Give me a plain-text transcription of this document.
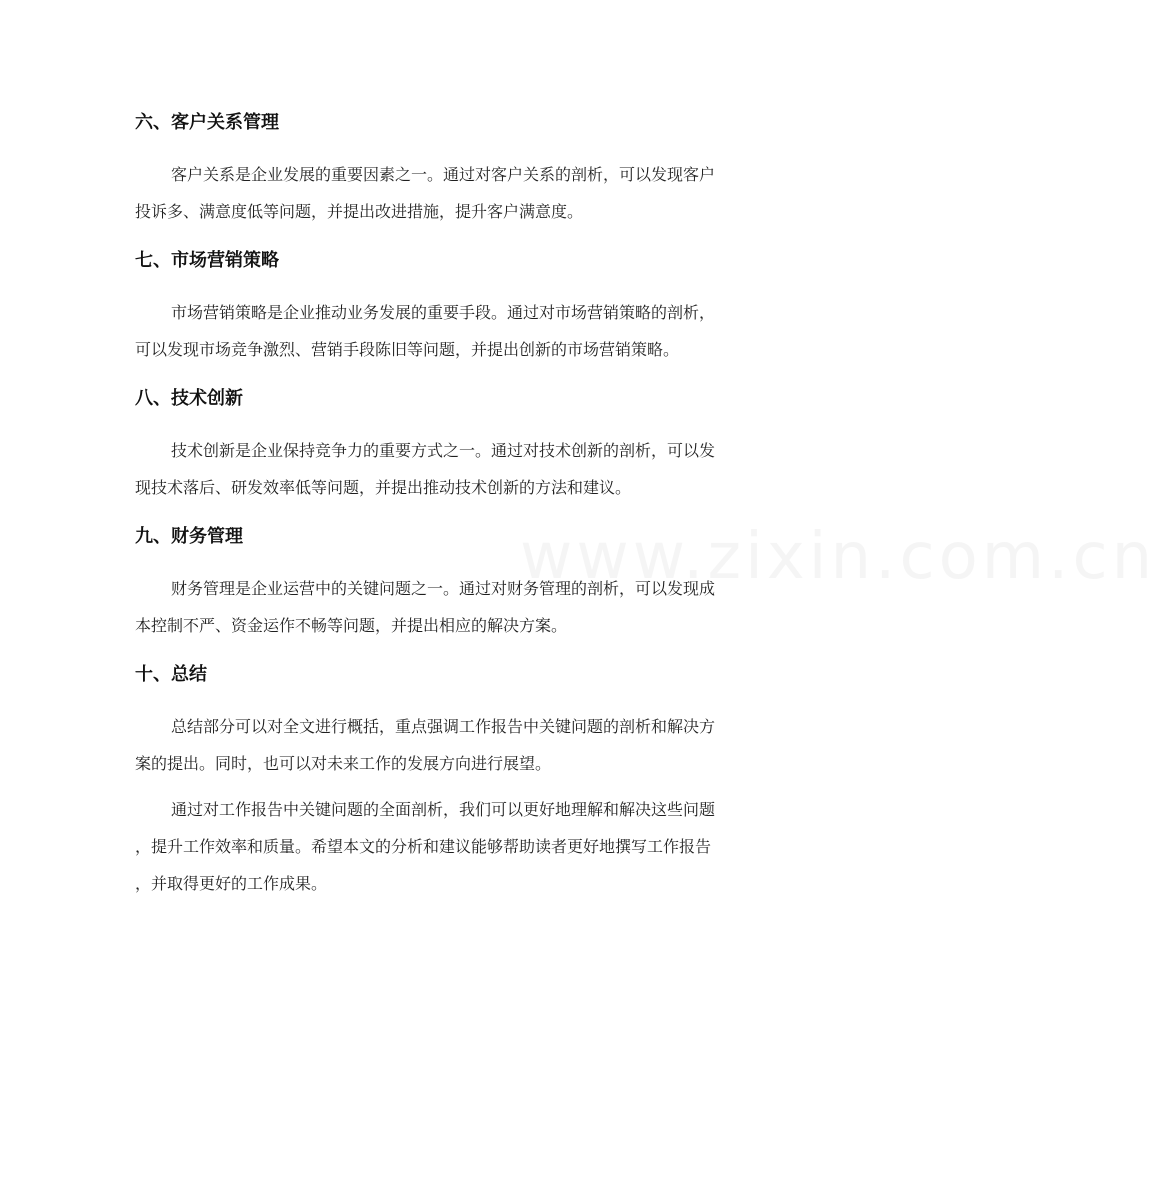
www.zixin.com.cn
六、客户关系管理
客户关系是企业发展的重要因素之一。通过对客户关系的剖析，可以发现客户
投诉多、满意度低等问题，并提出改进措施，提升客户满意度。
七、市场营销策略
市场营销策略是企业推动业务发展的重要手段。通过对市场营销策略的剖析，
可以发现市场竞争激烈、营销手段陈旧等问题，并提出创新的市场营销策略。
八、技术创新
技术创新是企业保持竞争力的重要方式之一。通过对技术创新的剖析，可以发
现技术落后、研发效率低等问题，并提出推动技术创新的方法和建议。
九、财务管理
财务管理是企业运营中的关键问题之一。通过对财务管理的剖析，可以发现成
本控制不严、资金运作不畅等问题，并提出相应的解决方案。
十、总结
总结部分可以对全文进行概括，重点强调工作报告中关键问题的剖析和解决方
案的提出。同时，也可以对未来工作的发展方向进行展望。
通过对工作报告中关键问题的全面剖析，我们可以更好地理解和解决这些问题
，提升工作效率和质量。希望本文的分析和建议能够帮助读者更好地撰写工作报告
，并取得更好的工作成果。
